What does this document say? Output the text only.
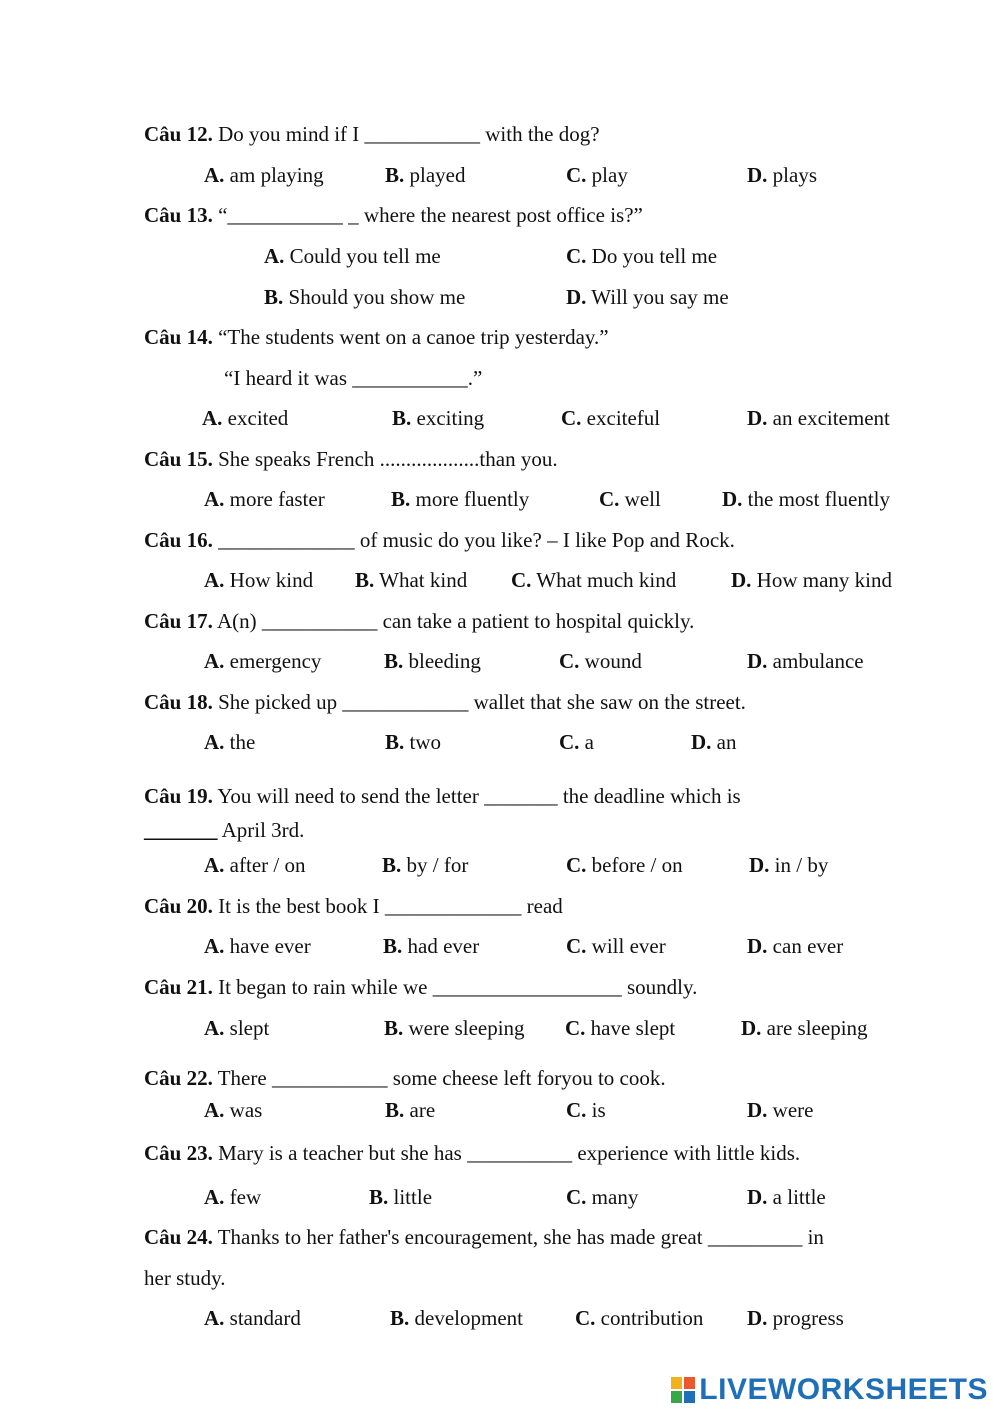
Câu 12. Do you mind if I ___________ with the dog?
A. am playing	B. played	C. play	D. plays
Câu 13. “___________ _ where the nearest post office is?”
A. Could you tell me	C. Do you tell me
B. Should you show me	D. Will you say me
Câu 14. “The students went on a canoe trip yesterday.”
“I heard it was ___________.”
A. excited	B. exciting	C. exciteful	D. an excitement
Câu 15. She speaks French ...................than you.
A. more faster	B. more fluently	C. well	D. the most fluently
Câu 16. _____________ of music do you like? – I like Pop and Rock.
A. How kind B. What kind C. What much kind	D. How many kind
Câu 17. A(n) ___________ can take a patient to hospital quickly.
A. emergency	B. bleeding	C. wound	D. ambulance
Câu 18. She picked up ____________ wallet that she saw on the street.
A. the	B. two	C. a	D. an
Câu 19. You will need to send the letter _______ the deadline which is
_______ April 3rd.
A. after / on	B. by / for	C. before / on	D. in / by
Câu 20. It is the best book I _____________ read
A. have ever	B. had ever	C. will ever	D. can ever
Câu 21. It began to rain while we __________________ soundly.
A. slept	B. were sleeping C. have slept	D. are sleeping
Câu 22. There ___________ some cheese left foryou to cook.
A. was	B. are	C. is	D. were
Câu 23. Mary is a teacher but she has __________ experience with little kids.
A. few	B. little	C. many	D. a little
Câu 24. Thanks to her father's encouragement, she has made great _________ in
her study.
A. standard	B. development C. contribution D. progress
LIVEWORKSHEETS
